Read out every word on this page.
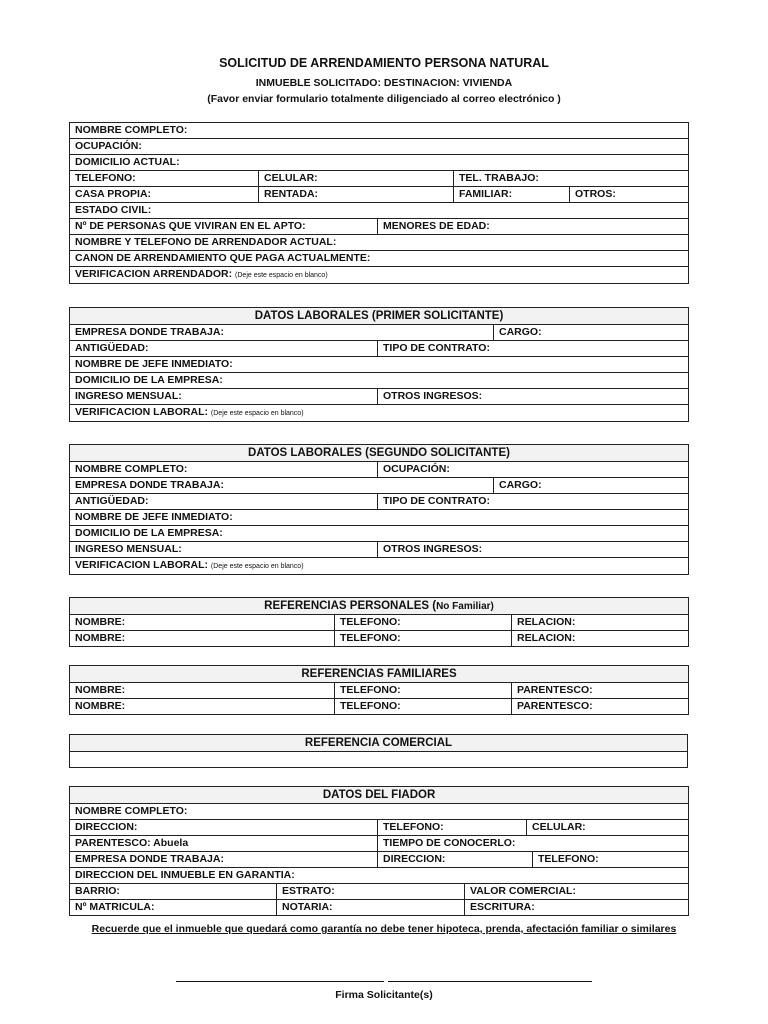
SOLICITUD DE ARRENDAMIENTO PERSONA NATURAL
INMUEBLE SOLICITADO: DESTINACION: VIVIENDA
(Favor enviar formulario totalmente diligenciado al correo electrónico )
NOMBRE COMPLETO:				
OCUPACIÓN:				
DOMICILIO ACTUAL:				
TELEFONO:	CELULAR:		TEL. TRABAJO:	
CASA PROPIA:	RENTADA:		FAMILIAR:	OTROS:
ESTADO CIVIL:				
Nº DE PERSONAS QUE VIVIRAN EN EL APTO:		MENORES DE EDAD:		
NOMBRE Y TELEFONO DE ARRENDADOR ACTUAL:				
CANON DE ARRENDAMIENTO QUE PAGA ACTUALMENTE:				
VERIFICACION ARRENDADOR: (Deje este espacio en blanco)				
DATOS LABORALES (PRIMER SOLICITANTE)		
EMPRESA DONDE TRABAJA:		CARGO:
ANTIGÜEDAD:	TIPO DE CONTRATO:	
NOMBRE DE JEFE INMEDIATO:		
DOMICILIO DE LA EMPRESA:		
INGRESO MENSUAL:	OTROS INGRESOS:	
VERIFICACION LABORAL: (Deje este espacio en blanco)		
DATOS LABORALES (SEGUNDO SOLICITANTE)		
NOMBRE COMPLETO:	OCUPACIÓN:	
EMPRESA DONDE TRABAJA:		CARGO:
ANTIGÜEDAD:	TIPO DE CONTRATO:	
NOMBRE DE JEFE INMEDIATO:		
DOMICILIO DE LA EMPRESA:		
INGRESO MENSUAL:	OTROS INGRESOS:	
VERIFICACION LABORAL: (Deje este espacio en blanco)		
REFERENCIAS PERSONALES (No Familiar)		
NOMBRE:	TELEFONO:	RELACION:
NOMBRE:	TELEFONO:	RELACION:
REFERENCIAS FAMILIARES		
NOMBRE:	TELEFONO:	PARENTESCO:
NOMBRE:	TELEFONO:	PARENTESCO:
REFERENCIA COMERCIAL

DATOS DEL FIADOR					
NOMBRE COMPLETO:					
DIRECCION:		TELEFONO:		CELULAR:	
PARENTESCO: Abuela		TIEMPO DE CONOCERLO:			
EMPRESA DONDE TRABAJA:		DIRECCION:			TELEFONO:
DIRECCION DEL INMUEBLE EN GARANTIA:					
BARRIO:	ESTRATO:		VALOR COMERCIAL:		
Nº MATRICULA:	NOTARIA:		ESCRITURA:		
Recuerde que el inmueble que quedará como garantía no debe tener hipoteca, prenda, afectación familiar o similares
Firma Solicitante(s)
